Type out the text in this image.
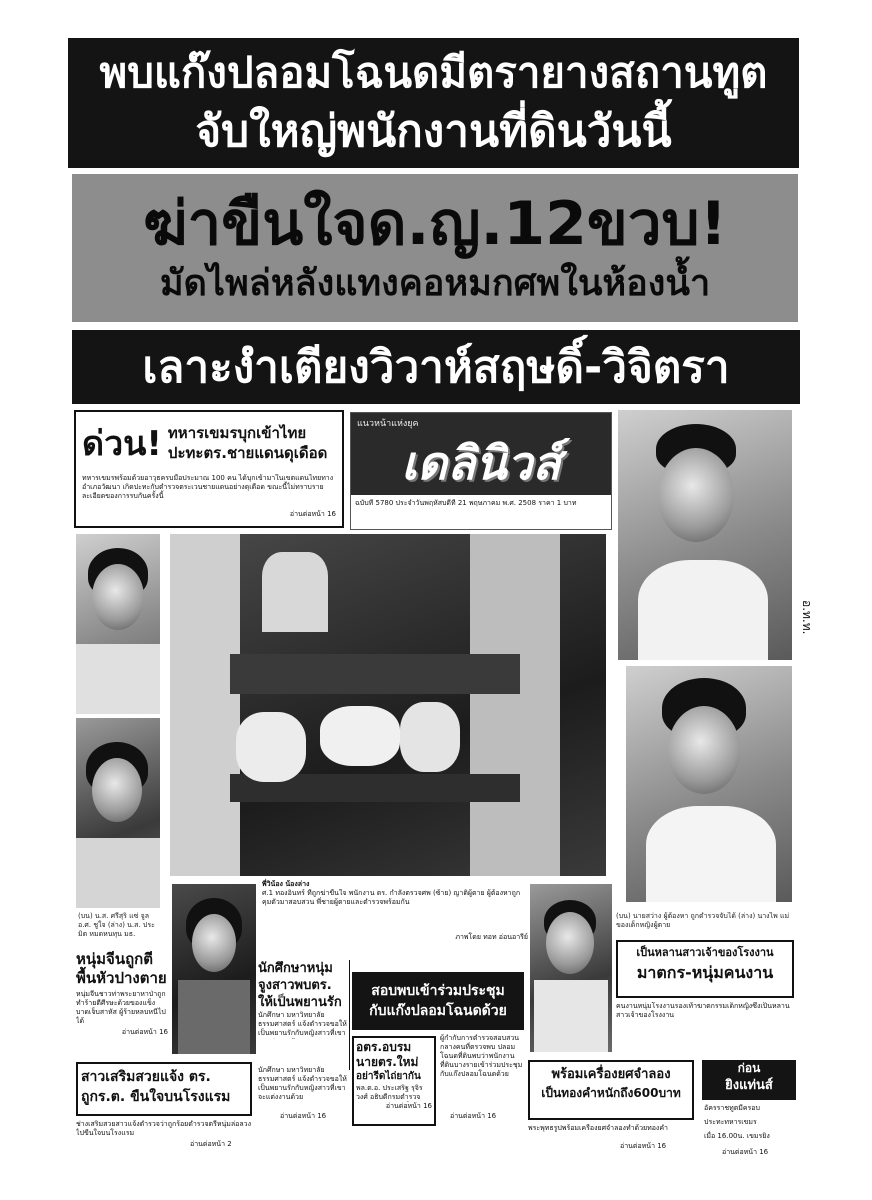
พบแก๊งปลอมโฉนดมีตรายางสถานทูต
จับใหญ่พนักงานที่ดินวันนี้
ฆ่าขืนใจด.ญ.12ขวบ!
มัดไพล่หลังแทงคอหมกศพในห้องน้ำ
เลาะงำเตียงวิวาห์สฤษดิ์-วิจิตรา
ด่วน! ทหารเขมรบุกเข้าไทย
ปะทะตร.ชายแดนดุเดือด
ทหารเขมรพร้อมด้วยอาวุธครบมือประมาณ 100 คน ได้บุกเข้ามาในเขตแดนไทยทางอำเภอวัฒนา เกิดปะทะกับตำรวจตระเวนชายแดนอย่างดุเดือด ขณะนี้ไม่ทราบรายละเอียดของการรบกันครั้งนี้
อ่านต่อหน้า 16
แนวหน้าแห่งยุค
เดลินิวส์
ฉบับที่ 5780 ประจำวันพฤหัสบดีที่ 21 พฤษภาคม พ.ศ. 2508 ราคา 1 บาท
อ.ท.ท.
(บน) น.ส. ศรีสุริ แซ่ จูล อ.ศ. ชูใจ (ล่าง) น.ส. ประมิต หมดหนทุน มธ.
หนุ่มจีนถูกตีพื้นหัวปางตาย
หนุ่มจีนชาวท่าพระยาหาป่าถูกทำร้ายตีศีรษะด้วยของแข็งบาดเจ็บสาหัส ผู้ร้ายหลบหนีไปได้
อ่านต่อหน้า 16
พี่วิน้อง น้องล่าง
ศ.1 ทองอินทร์ ที่ถูกฆ่าขืนใจ พนักงาน ตร. กำลังตรวจศพ (ซ้าย) ญาติผู้ตาย ผู้ต้องหาถูกคุมตัวมาสอบสวน พี่ชายผู้ตายและตำรวจพร้อมกัน
ภาพโดย ทอท อ่อนอารีย์
นักศึกษาหนุ่ม
จูงสาวพบตร.
ให้เป็นพยานรัก
นักศึกษา มหาวิทยาลัย ธรรมศาสตร์ แจ้งตำรวจขอให้เป็นพยานรักกับหญิงสาวที่เขา
นักศึกษา มหาวิทยาลัย ธรรมศาสตร์ แจ้งตำรวจขอให้เป็นพยานรักกับหญิงสาวที่เขาจะแต่งงานด้วย
อ่านต่อหน้า 16
สอบพบเข้าร่วมประชุม
กับแก๊งปลอมโฉนดด้วย
ผู้กำกับการตำรวจสอบสวนกลางคนที่ตรวจพบ ปลอมโฉนดที่ดินพบว่าพนักงานที่ดินบางรายเข้าร่วมประชุมกับแก๊งปลอมโฉนดด้วย
อ่านต่อหน้า 16
อตร.อบรม
นายตร.ใหม่
อย่ารีดไถ่ยากัน
พล.ต.อ. ประเสริฐ รุจิรวงศ์ อธิบดีกรมตำรวจ
อ่านต่อหน้า 16
สาวเสริมสวยแจ้ง ตร.
ถูกร.ต. ขืนใจบนโรงแรม
ช่างเสริมสวยสาวแจ้งตำรวจว่าถูกร้อยตำรวจตรีหนุ่มล่อลวงไปขืนใจบนโรงแรม
อ่านต่อหน้า 2
(บน) นายสว่าง ผู้ต้องหา ถูกตำรวจจับได้ (ล่าง) นางไพ แม่ของเด็กหญิงผู้ตาย
เป็นหลานสาวเจ้าของโรงงาน
มาตกร-หนุ่มคนงาน
คนงานหนุ่มโรงงานรองเท้าฆาตกรรมเด็กหญิงซึ่งเป็นหลานสาวเจ้าของโรงงาน
พร้อมเครื่องยศจำลอง
เป็นทองคำหนักถึง600บาท
พระพุทธรูปพร้อมเครื่องยศจำลองทำด้วยทองคำ
อ่านต่อหน้า 16
ก่อน
ยิงแท่นส์
อัครราชทูตมีครอบ
ประทะทหารเขมร
เมื่อ 16.00น. เขมรยิง
อ่านต่อหน้า 16
